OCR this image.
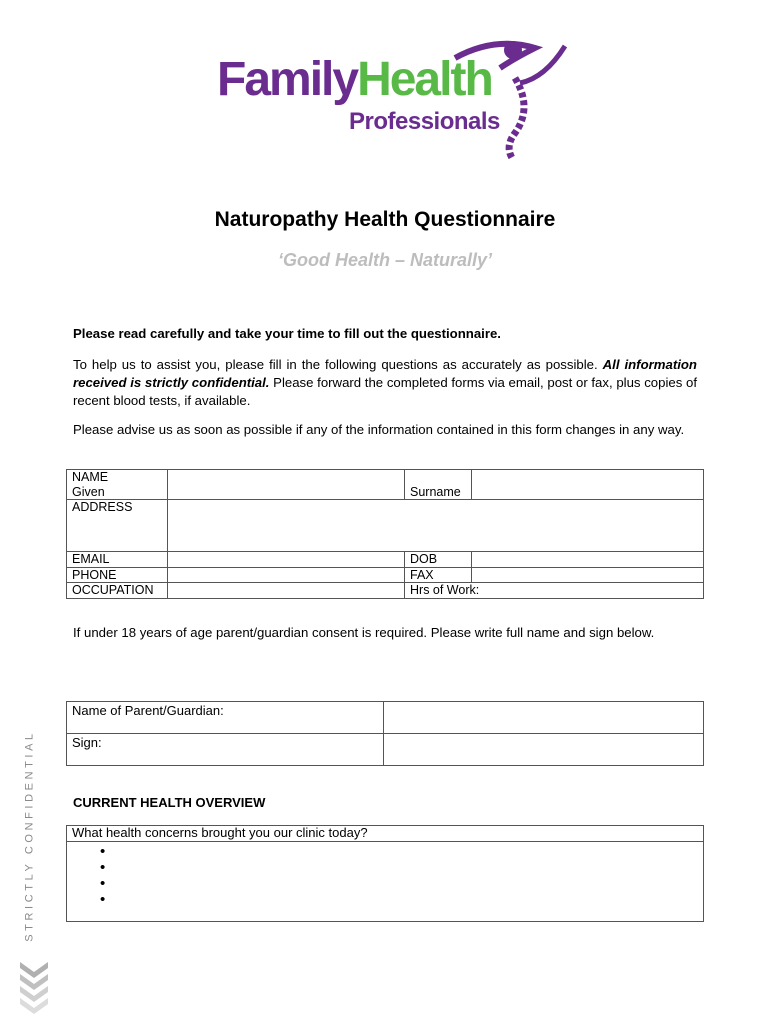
FamilyHealth
Professionals
Naturopathy Health Questionnaire
‘Good Health – Naturally’
Please read carefully and take your time to fill out the questionnaire.
To help us to assist you, please fill in the following questions as accurately as possible. All information received is strictly confidential. Please forward the completed forms via email, post or fax, plus copies of recent blood tests, if available.
Please advise us as soon as possible if any of the information contained in this form changes in any way.
NAME
Given		Surname	
ADDRESS			
EMAIL		DOB	
PHONE		FAX	
OCCUPATION		Hrs of Work:	
If under 18 years of age parent/guardian consent is required. Please write full name and sign below.
Name of Parent/Guardian:	
Sign:	
CURRENT HEALTH OVERVIEW
What health concerns brought you our clinic today?

•
•
•
•
STRICTLY CONFIDENTIAL
